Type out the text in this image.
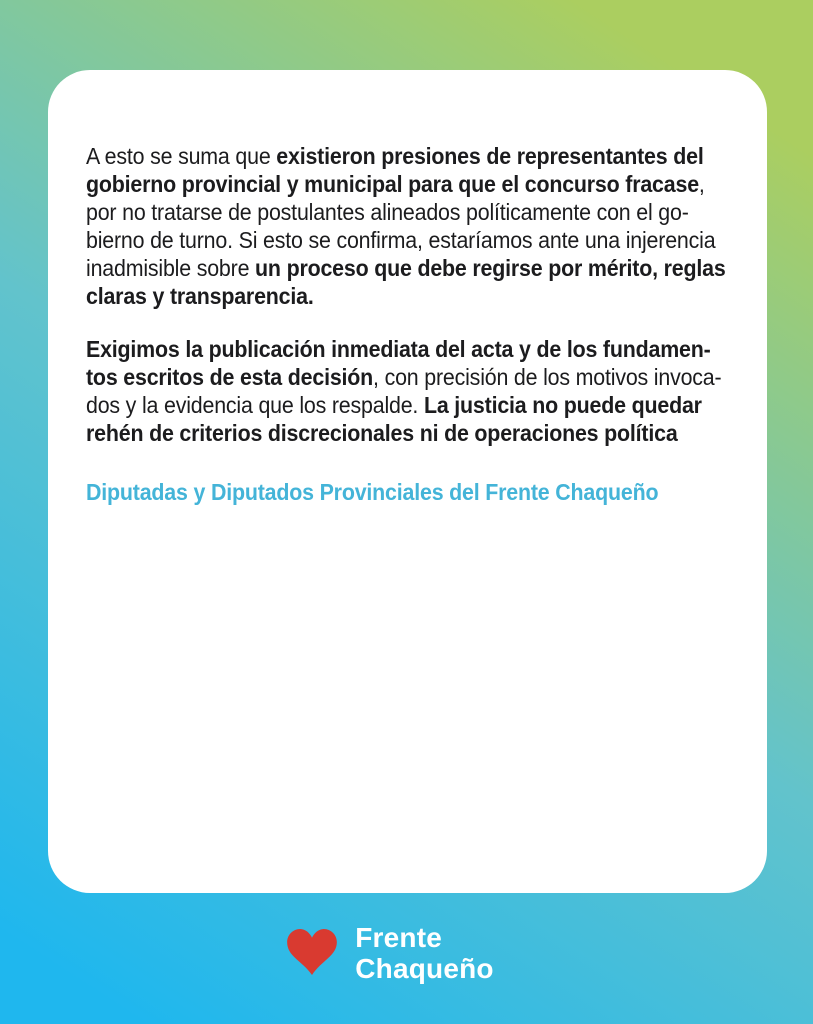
A esto se suma que existieron presiones de representantes del
gobierno provincial y municipal para que el concurso fracase,
por no tratarse de postulantes alineados políticamente con el go-
bierno de turno. Si esto se confirma, estaríamos ante una injerencia
inadmisible sobre un proceso que debe regirse por mérito, reglas
claras y transparencia.
Exigimos la publicación inmediata del acta y de los fundamen-
tos escritos de esta decisión, con precisión de los motivos invoca-
dos y la evidencia que los respalde. La justicia no puede quedar
rehén de criterios discrecionales ni de operaciones política
Diputadas y Diputados Provinciales del Frente Chaqueño
Frente
Chaqueño
